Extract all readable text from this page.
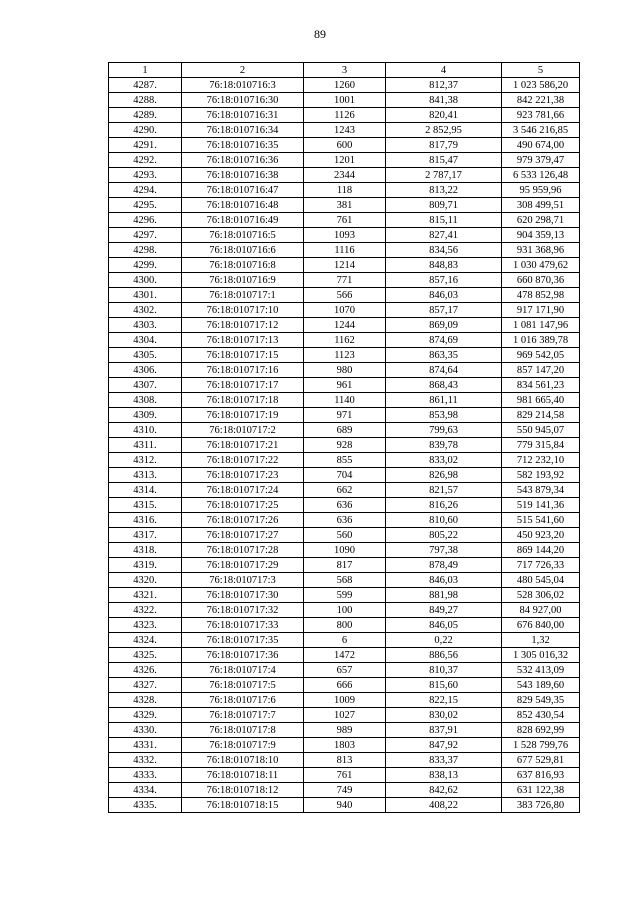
89
1	2	3	4	5
4287.	76:18:010716:3	1260	812,37	1 023 586,20
4288.	76:18:010716:30	1001	841,38	842 221,38
4289.	76:18:010716:31	1126	820,41	923 781,66
4290.	76:18:010716:34	1243	2 852,95	3 546 216,85
4291.	76:18:010716:35	600	817,79	490 674,00
4292.	76:18:010716:36	1201	815,47	979 379,47
4293.	76:18:010716:38	2344	2 787,17	6 533 126,48
4294.	76:18:010716:47	118	813,22	95 959,96
4295.	76:18:010716:48	381	809,71	308 499,51
4296.	76:18:010716:49	761	815,11	620 298,71
4297.	76:18:010716:5	1093	827,41	904 359,13
4298.	76:18:010716:6	1116	834,56	931 368,96
4299.	76:18:010716:8	1214	848,83	1 030 479,62
4300.	76:18:010716:9	771	857,16	660 870,36
4301.	76:18:010717:1	566	846,03	478 852,98
4302.	76:18:010717:10	1070	857,17	917 171,90
4303.	76:18:010717:12	1244	869,09	1 081 147,96
4304.	76:18:010717:13	1162	874,69	1 016 389,78
4305.	76:18:010717:15	1123	863,35	969 542,05
4306.	76:18:010717:16	980	874,64	857 147,20
4307.	76:18:010717:17	961	868,43	834 561,23
4308.	76:18:010717:18	1140	861,11	981 665,40
4309.	76:18:010717:19	971	853,98	829 214,58
4310.	76:18:010717:2	689	799,63	550 945,07
4311.	76:18:010717:21	928	839,78	779 315,84
4312.	76:18:010717:22	855	833,02	712 232,10
4313.	76:18:010717:23	704	826,98	582 193,92
4314.	76:18:010717:24	662	821,57	543 879,34
4315.	76:18:010717:25	636	816,26	519 141,36
4316.	76:18:010717:26	636	810,60	515 541,60
4317.	76:18:010717:27	560	805,22	450 923,20
4318.	76:18:010717:28	1090	797,38	869 144,20
4319.	76:18:010717:29	817	878,49	717 726,33
4320.	76:18:010717:3	568	846,03	480 545,04
4321.	76:18:010717:30	599	881,98	528 306,02
4322.	76:18:010717:32	100	849,27	84 927,00
4323.	76:18:010717:33	800	846,05	676 840,00
4324.	76:18:010717:35	6	0,22	1,32
4325.	76:18:010717:36	1472	886,56	1 305 016,32
4326.	76:18:010717:4	657	810,37	532 413,09
4327.	76:18:010717:5	666	815,60	543 189,60
4328.	76:18:010717:6	1009	822,15	829 549,35
4329.	76:18:010717:7	1027	830,02	852 430,54
4330.	76:18:010717:8	989	837,91	828 692,99
4331.	76:18:010717:9	1803	847,92	1 528 799,76
4332.	76:18:010718:10	813	833,37	677 529,81
4333.	76:18:010718:11	761	838,13	637 816,93
4334.	76:18:010718:12	749	842,62	631 122,38
4335.	76:18:010718:15	940	408,22	383 726,80
